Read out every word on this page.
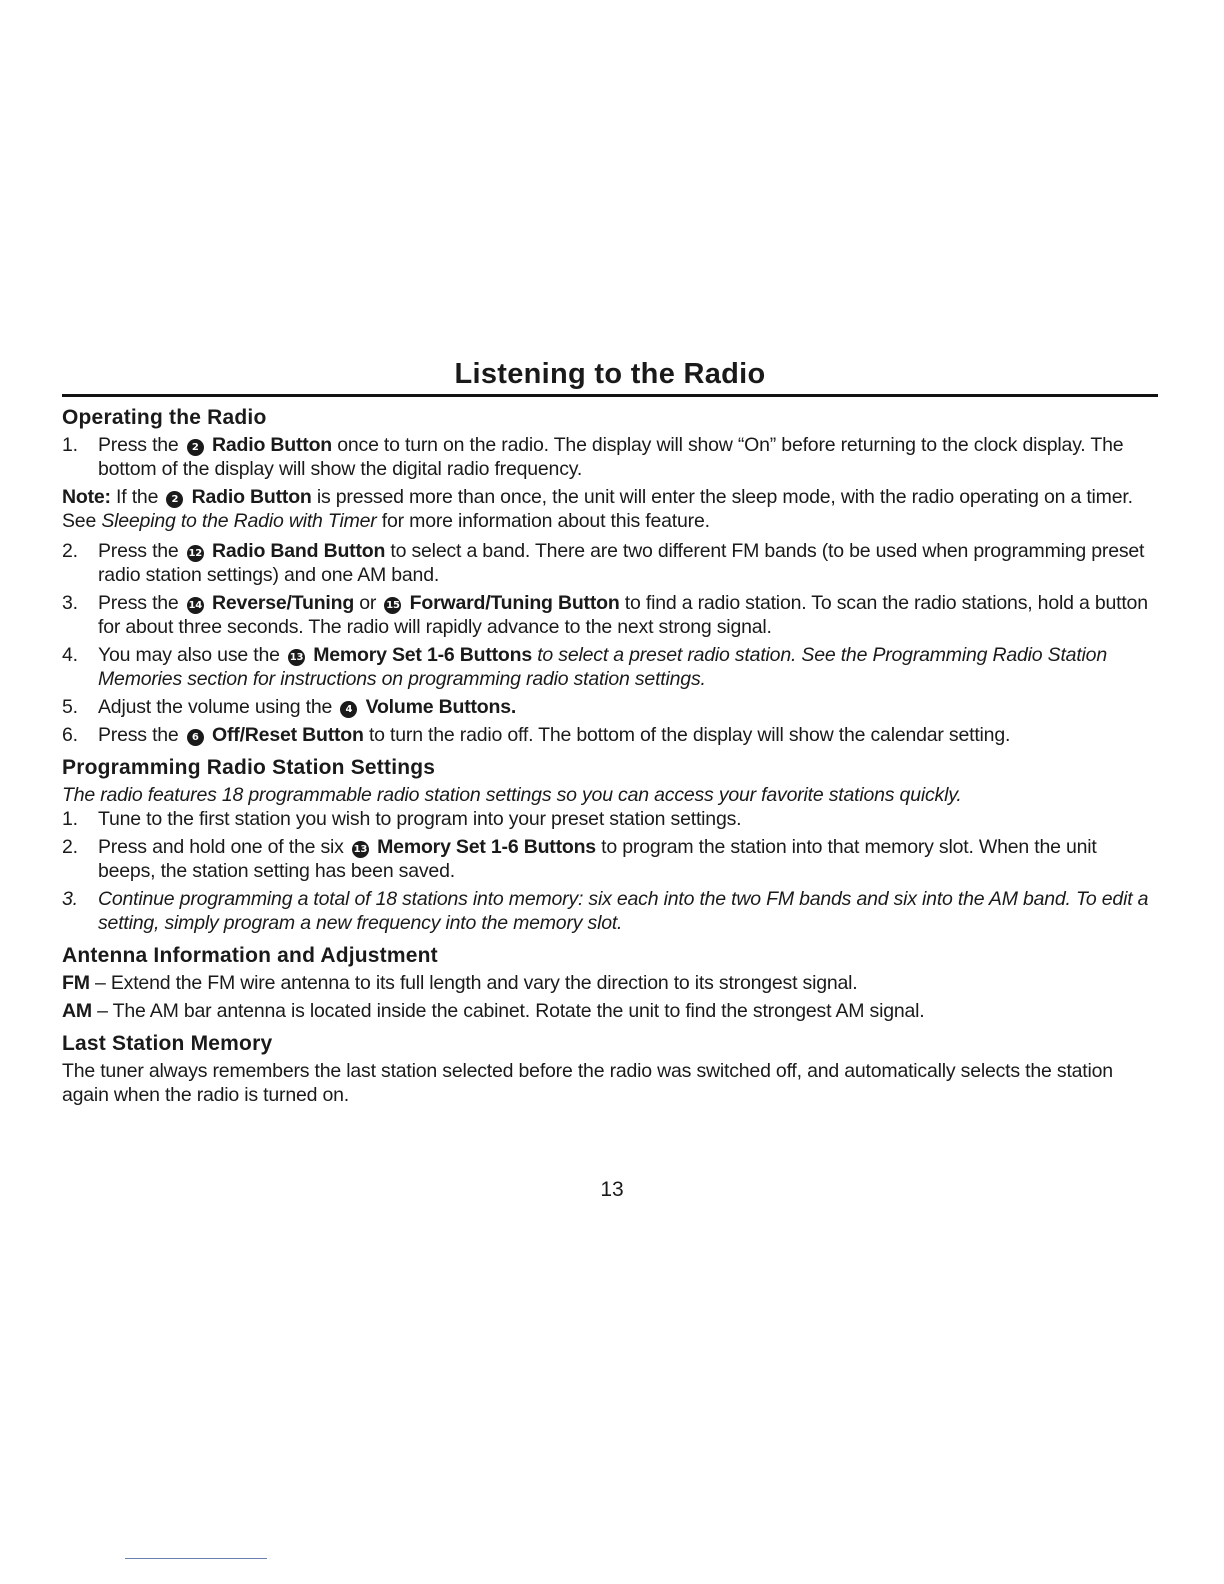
Listening to the Radio
Operating the Radio
1.	Press the 2 Radio Button once to turn on the radio. The display will show “On” before returning to the clock display. The bottom of the display will show the digital radio frequency.

Note: If the 2 Radio Button is pressed more than once, the unit will enter the sleep mode, with the radio operating on a timer. See Sleeping to the Radio with Timer for more information about this feature.

2.	Press the 12 Radio Band Button to select a band. There are two different FM bands (to be used when programming preset radio station settings) and one AM band.
3.	Press the 14 Reverse/Tuning or 15 Forward/Tuning Button to find a radio station. To scan the radio stations, hold a button for about three seconds. The radio will rapidly advance to the next strong signal.
4.	You may also use the 13 Memory Set 1-6 Buttons to select a preset radio station. See the Programming Radio Station Memories section for instructions on programming radio station settings.
5.	Adjust the volume using the 4 Volume Buttons.
6.	Press the 6 Off/Reset Button to turn the radio off. The bottom of the display will show the calendar setting.
Programming Radio Station Settings

The radio features 18 programmable radio station settings so you can access your favorite stations quickly.

1.	Tune to the first station you wish to program into your preset station settings.
2.	Press and hold one of the six 13 Memory Set 1-6 Buttons to program the station into that memory slot. When the unit beeps, the station setting has been saved.
3.	Continue programming a total of 18 stations into memory: six each into the two FM bands and six into the AM band. To edit a setting, simply program a new frequency into the memory slot.
Antenna Information and Adjustment

FM – Extend the FM wire antenna to its full length and vary the direction to its strongest signal.

AM – The AM bar antenna is located inside the cabinet. Rotate the unit to find the strongest AM signal.

Last Station Memory

The tuner always remembers the last station selected before the radio was switched off, and automatically selects the station again when the radio is turned on.

13
